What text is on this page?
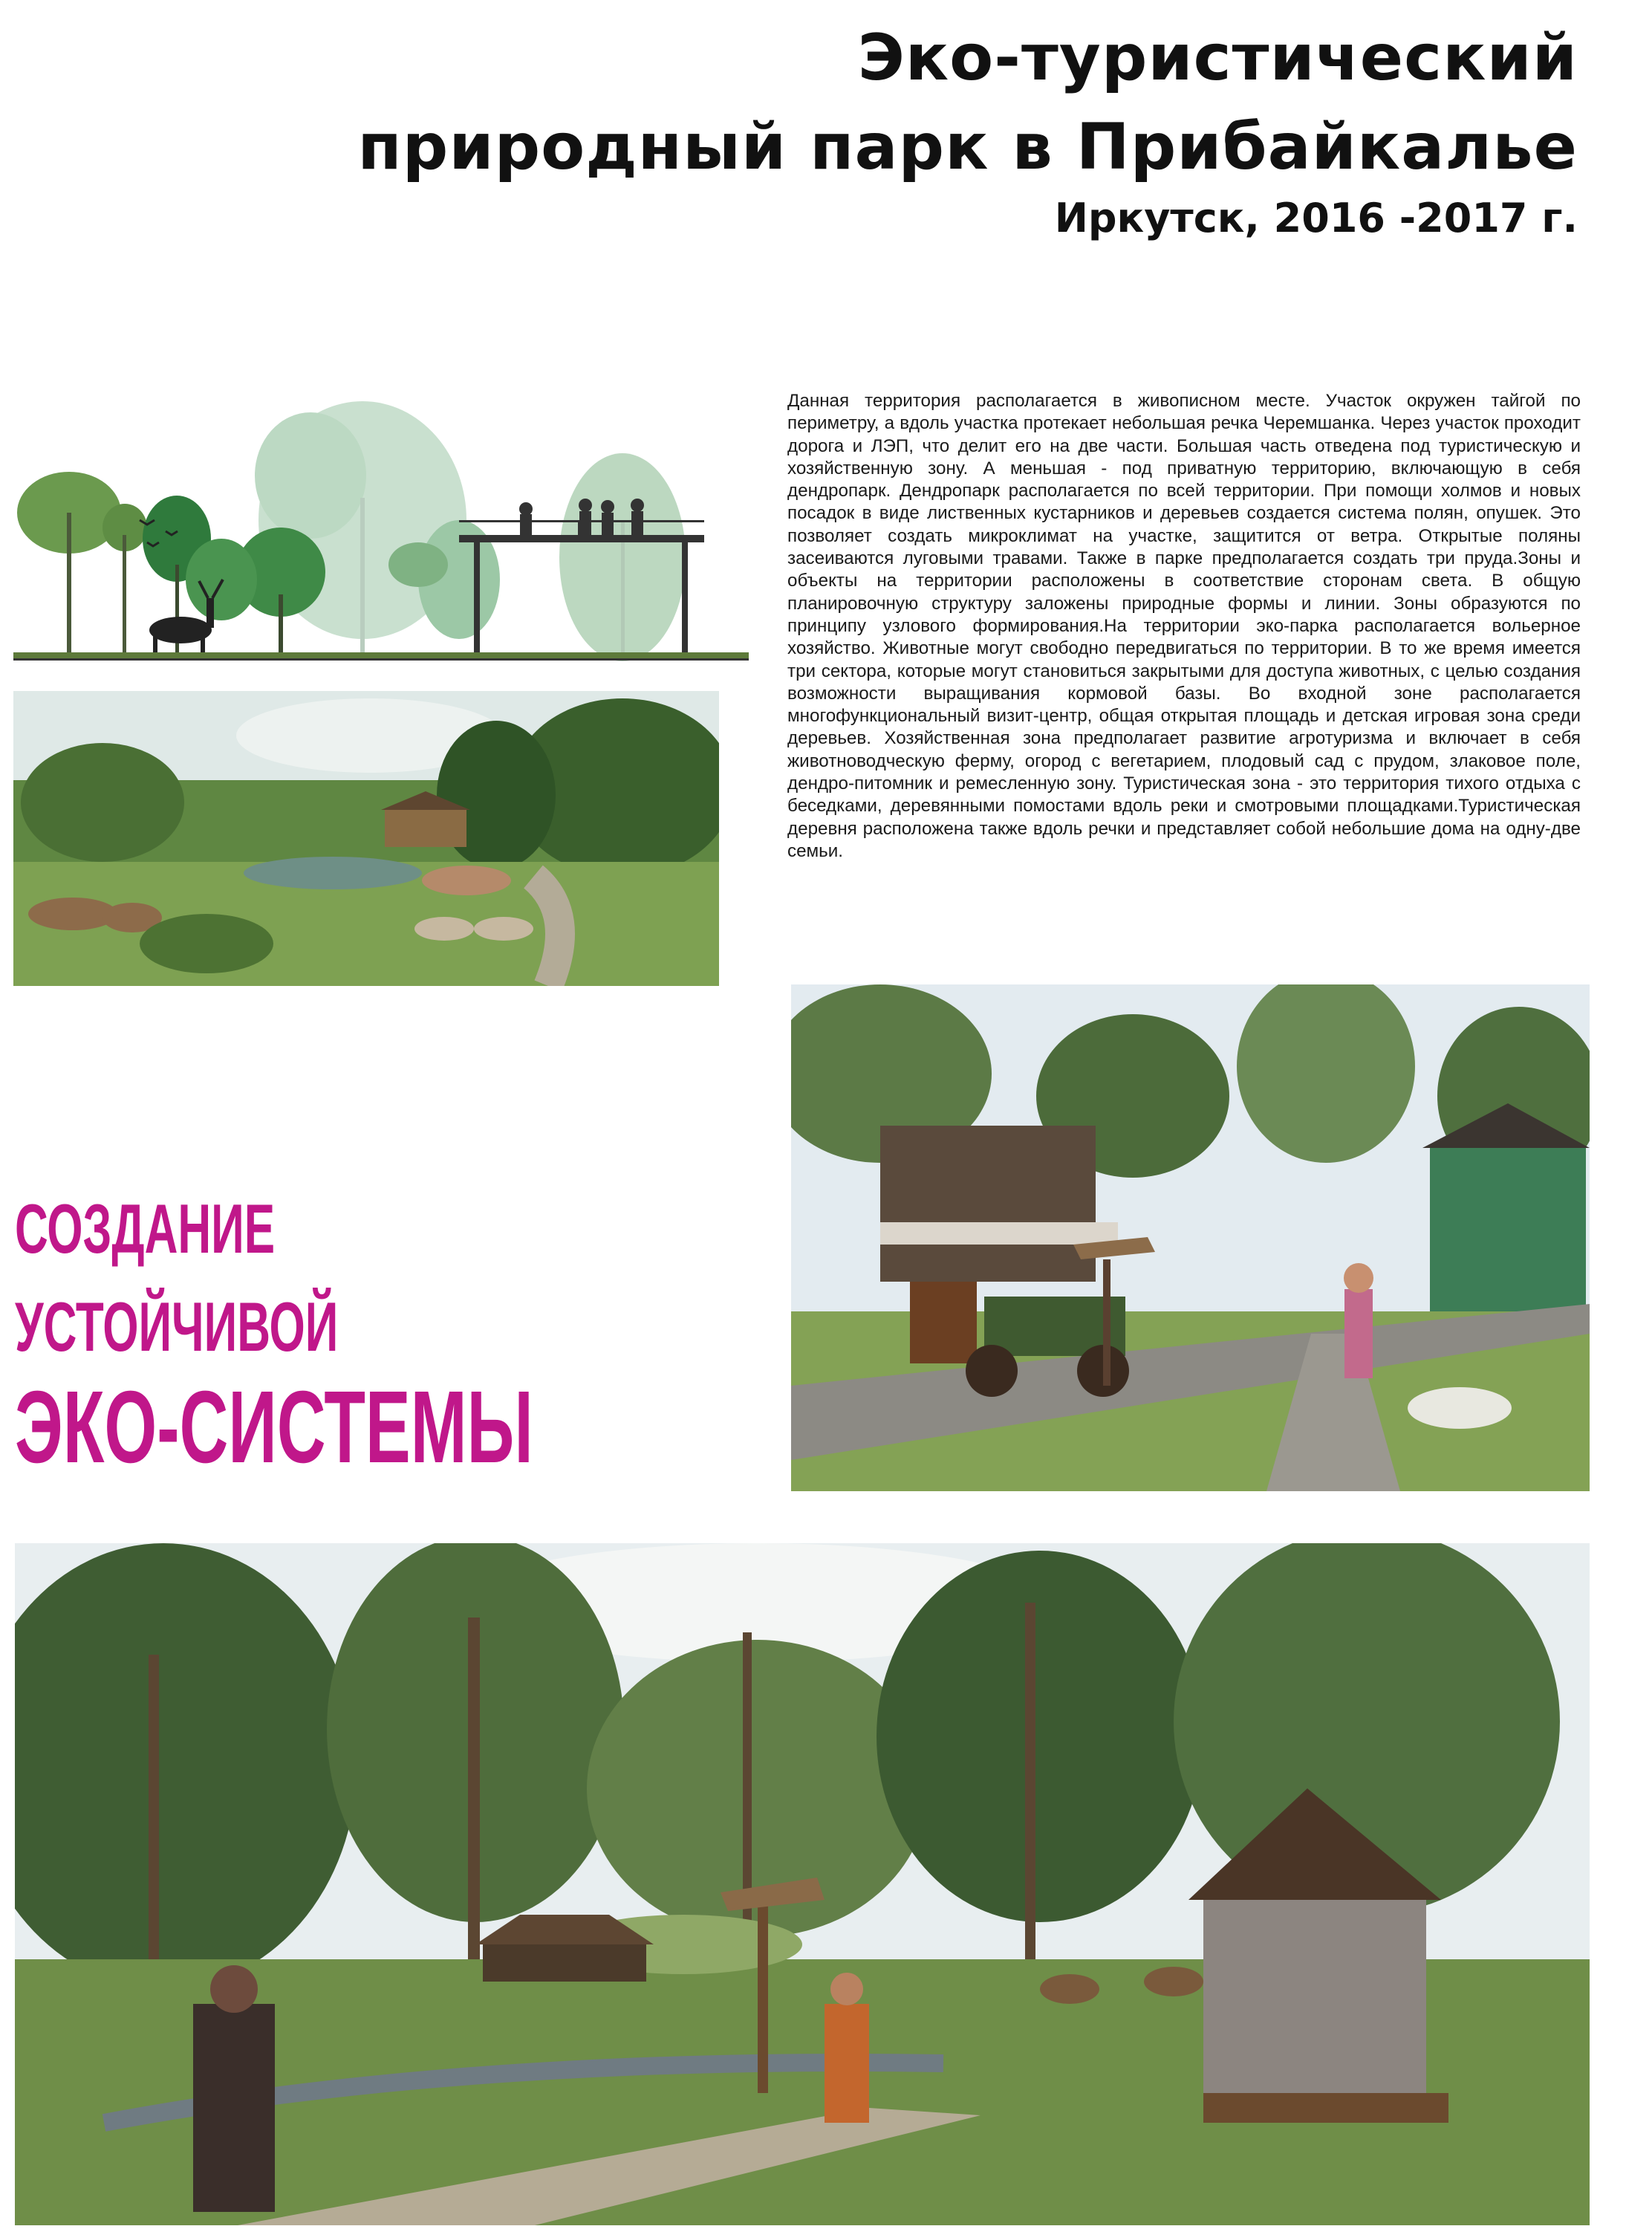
Эко-туристический
природный парк в Прибайкалье
Иркутск, 2016 -2017 г.

Данная территория располагается в живописном месте. Участок окружен тайгой по периметру, а вдоль участка протекает небольшая речка Черемшанка. Через участок проходит дорога и ЛЭП, что делит его на две части. Большая часть отведена под туристическую и хозяйственную зону. А меньшая - под приватную территорию, включающую в себя дендропарк. Дендропарк располагается по всей территории. При помощи холмов и новых посадок в виде лиственных кустарников и деревьев создается система полян, опушек. Это позволяет создать микроклимат на участке, защитится от ветра. Открытые поляны засеиваются луговыми травами. Также в парке предполагается создать три пруда.Зоны и объекты на территории расположены в соответствие сторонам света. В общую планировочную структуру заложены природные формы и линии. Зоны образуются по принципу узлового формирования.На территории эко-парка располагается вольерное хозяйство. Животные могут свободно передвигаться по территории. В то же время имеется три сектора, которые могут становиться закрытыми для доступа животных, с целью создания возможности выращивания кормовой базы. Во входной зоне располагается многофункциональный визит-центр, общая открытая площадь и детская игровая зона среди деревьев. Хозяйственная зона предполагает развитие агротуризма и включает в себя животноводческую ферму, огород с вегетарием, плодовый сад с прудом, злаковое поле, дендро-питомник и ремесленную зону. Туристическая зона - это территория тихого отдыха с беседками, деревянными помостами вдоль реки и смотровыми площадками.Туристическая деревня расположена также вдоль речки и представляет собой небольшие дома на одну-две семьи.

СОЗДАНИЕ
УСТОЙЧИВОЙ
ЭКО-СИСТЕМЫ
